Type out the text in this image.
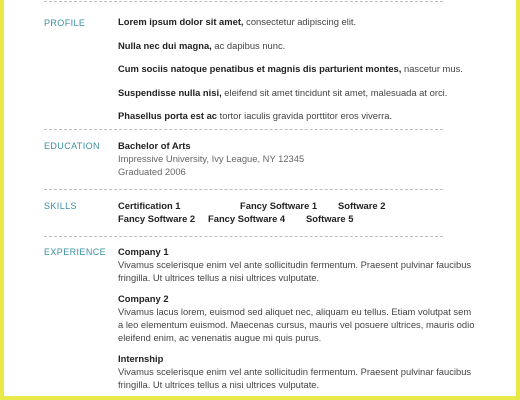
PROFILE	Lorem ipsum dolor sit amet, consectetur adipiscing elit.
Nulla nec dui magna, ac dapibus nunc.
Cum sociis natoque penatibus et magnis dis parturient montes, nascetur mus.
Suspendisse nulla nisi, eleifend sit amet tincidunt sit amet, malesuada at orci.
Phasellus porta est ac tortor iaculis gravida porttitor eros viverra.
EDUCATION Bachelor of Arts
Impressive University, Ivy League, NY 12345
Graduated 2006
SKILLS	Certification 1	Fancy Software 1	Software 2
Fancy Software 2	Fancy Software 4	Software 5
EXPERIENCE Company 1
Vivamus scelerisque enim vel ante sollicitudin fermentum. Praesent pulvinar faucibus fringilla. Ut ultrices tellus a nisi ultrices vulputate.
Company 2
Vivamus lacus lorem, euismod sed aliquet nec, aliquam eu tellus. Etiam volutpat sem a leo elementum euismod. Maecenas cursus, mauris vel posuere ultrices, mauris odio eleifend enim, ac venenatis augue mi quis purus.
Internship
Vivamus scelerisque enim vel ante sollicitudin fermentum. Praesent pulvinar faucibus fringilla. Ut ultrices tellus a nisi ultrices vulputate.
